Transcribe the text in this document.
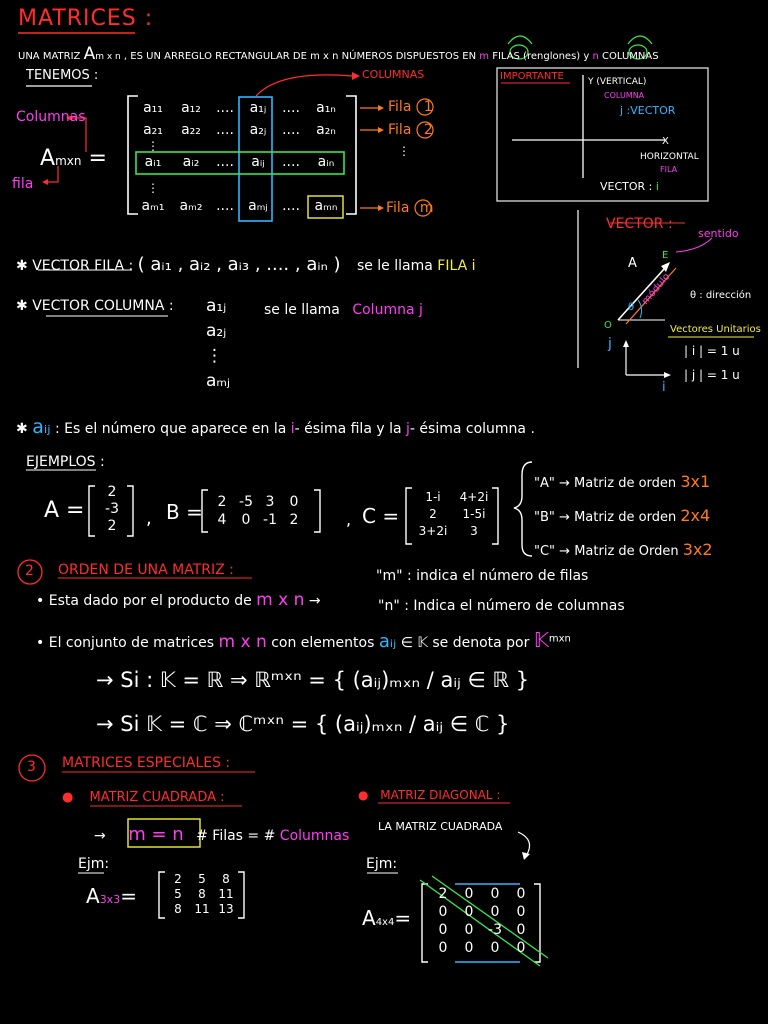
⋮
⋮
⋮
MATRICES :
UNA MATRIZ Am x n , ES UN ARREGLO RECTANGULAR DE m x n NÚMEROS DISPUESTOS EN m FILAS (renglones) y n COLUMNAS
TENEMOS :	COLUMNAS
Columnas
fila
Amxn =
a₁₁	a₁₂	....	a₁ⱼ	....	a₁ₙ
a₂₁	a₂₂	....	a₂ⱼ	....	a₂ₙ
aᵢ₁	aᵢ₂	....	aᵢⱼ	....	aᵢₙ
aₘ₁	aₘ₂ ....	aₘⱼ	....	aₘₙ
Fila 1
Fila 2
Fila m
IMPORTANTE	Y (VERTICAL)
COLUMNA
j :VECTOR
X
HORIZONTAL
FILA
VECTOR : i
VECTOR :
sentido
A
E
O
módulo
θ
θ : dirección
Vectores Unitarios
| i | = 1 u
| j | = 1 u
j
i
✱ VECTOR FILA : ( aᵢ₁ , aᵢ₂ , aᵢ₃ , .... , aᵢₙ ) se le llama FILA i
✱ VECTOR COLUMNA : a₁ⱼ
a₂ⱼ
⋮
aₘⱼ
se le llama Columna j
✱ aᵢⱼ : Es el número que aparece en la i- ésima fila y la j- ésima columna .
EJEMPLOS :
A =
2
-3
2	, B =	2 -5 3	0
4	0 -1 2	, C =
1-i	4+2i
2	1-5i
3+2i	3
"A" → Matriz de orden 3x1
"B" → Matriz de orden 2x4
"C" → Matriz de Orden 3x2
2 ORDEN DE UNA MATRIZ :	"m" : indica el número de filas
"n" : Indica el número de columnas
• Esta dado por el producto de m x n →
• El conjunto de matrices m x n con elementos aᵢⱼ ∈ 𝕂 se denota por 𝕂$^{mxn}$
→ Si : 𝕂 = ℝ ⇒ ℝᵐˣⁿ = { (aᵢⱼ)ₘₓₙ / aᵢⱼ ∈ ℝ }
→ Si 𝕂 = ℂ ⇒ ℂᵐˣⁿ = { (aᵢⱼ)ₘₓₙ / aᵢⱼ ∈ ℂ }
3 MATRICES ESPECIALES :
● MATRIZ CUADRADA :
→ m = n # Filas = # Columnas
Ejm:
A3x3=
2	5	8
5	8	11
8	11 13
● MATRIZ DIAGONAL :
LA MATRIZ CUADRADA
Ejm:
A4x4=
2	0	0	0
0	0	0	0
0	0	-3	0
0	0	0	0
